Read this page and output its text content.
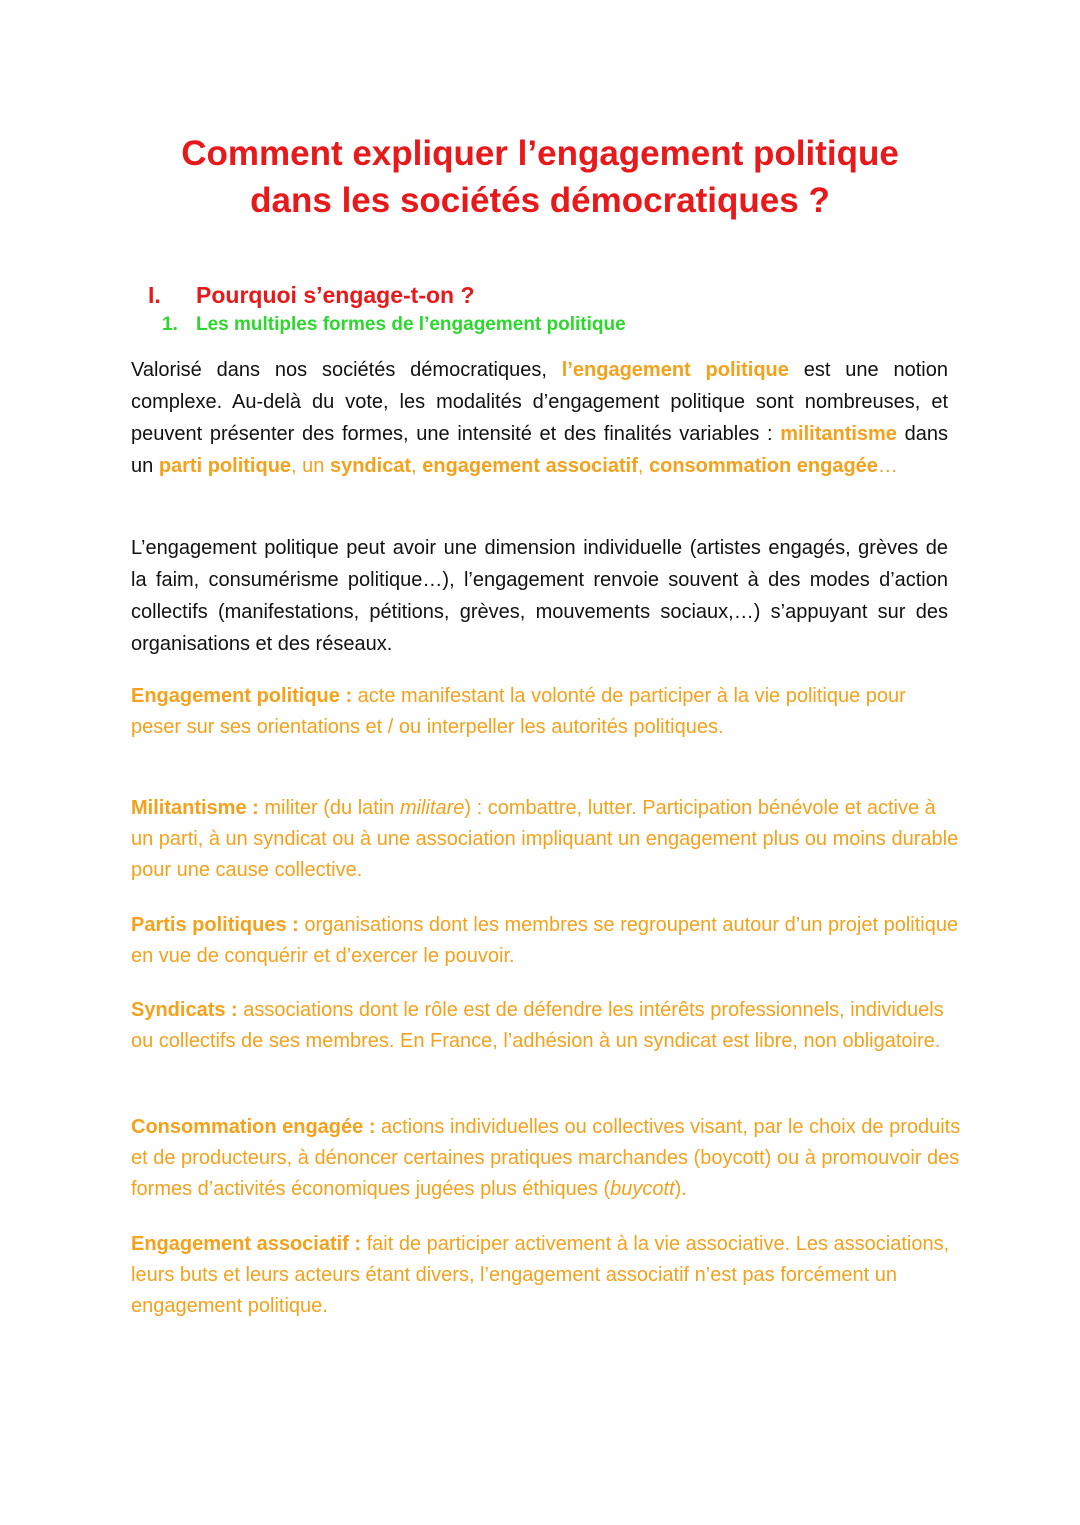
Comment expliquer l’engagement politique
dans les sociétés démocratiques ?
I. Pourquoi s’engage-t-on ?
1. Les multiples formes de l’engagement politique

Valorisé dans nos sociétés démocratiques, l’engagement politique est une notion complexe. Au-delà du vote, les modalités d’engagement politique sont nombreuses, et peuvent présenter des formes, une intensité et des finalités variables : militantisme dans un parti politique, un syndicat, engagement associatif, consommation engagée…

L’engagement politique peut avoir une dimension individuelle (artistes engagés, grèves de la faim, consumérisme politique…), l’engagement renvoie souvent à des modes d’action collectifs (manifestations, pétitions, grèves, mouvements sociaux,…) s’appuyant sur des organisations et des réseaux.

Engagement politique : acte manifestant la volonté de participer à la vie politique pour peser sur ses orientations et / ou interpeller les autorités politiques.

Militantisme : militer (du latin militare) : combattre, lutter. Participation bénévole et active à un parti, à un syndicat ou à une association impliquant un engagement plus ou moins durable pour une cause collective.

Partis politiques : organisations dont les membres se regroupent autour d’un projet politique en vue de conquérir et d’exercer le pouvoir.

Syndicats : associations dont le rôle est de défendre les intérêts professionnels, individuels ou collectifs de ses membres. En France, l’adhésion à un syndicat est libre, non obligatoire.

Consommation engagée : actions individuelles ou collectives visant, par le choix de produits et de producteurs, à dénoncer certaines pratiques marchandes (boycott) ou à promouvoir des formes d’activités économiques jugées plus éthiques (buycott).

Engagement associatif : fait de participer activement à la vie associative. Les associations, leurs buts et leurs acteurs étant divers, l’engagement associatif n’est pas forcément un engagement politique.
